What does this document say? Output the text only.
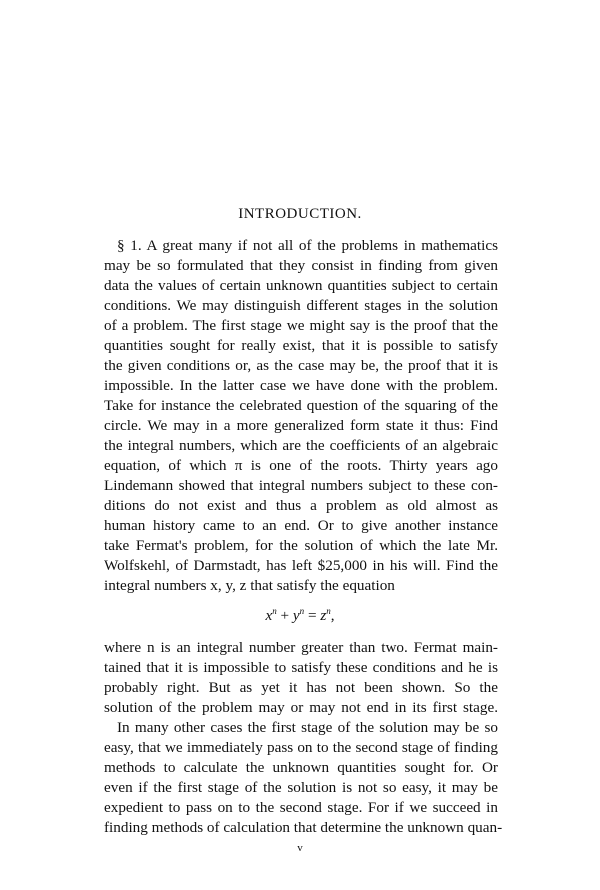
INTRODUCTION.
§ 1. A great many if not all of the problems in mathematics
may be so formulated that they consist in finding from given
data the values of certain unknown quantities subject to certain
conditions. We may distinguish different stages in the solution
of a problem. The first stage we might say is the proof that the
quantities sought for really exist, that it is possible to satisfy
the given conditions or, as the case may be, the proof that it is
impossible. In the latter case we have done with the problem.
Take for instance the celebrated question of the squaring of the
circle. We may in a more generalized form state it thus: Find
the integral numbers, which are the coefficients of an algebraic
equation, of which π is one of the roots. Thirty years ago
Lindemann showed that integral numbers subject to these con-
ditions do not exist and thus a problem as old almost as
human history came to an end. Or to give another instance
take Fermat's problem, for the solution of which the late Mr.
Wolfskehl, of Darmstadt, has left $25,000 in his will. Find the
integral numbers x, y, z that satisfy the equation
$x^n + y^n = z^n$,
where n is an integral number greater than two. Fermat main-
tained that it is impossible to satisfy these conditions and he is
probably right. But as yet it has not been shown. So the
solution of the problem may or may not end in its first stage.
In many other cases the first stage of the solution may be so
easy, that we immediately pass on to the second stage of finding
methods to calculate the unknown quantities sought for. Or
even if the first stage of the solution is not so easy, it may be
expedient to pass on to the second stage. For if we succeed in
finding methods of calculation that determine the unknown quan-
v
